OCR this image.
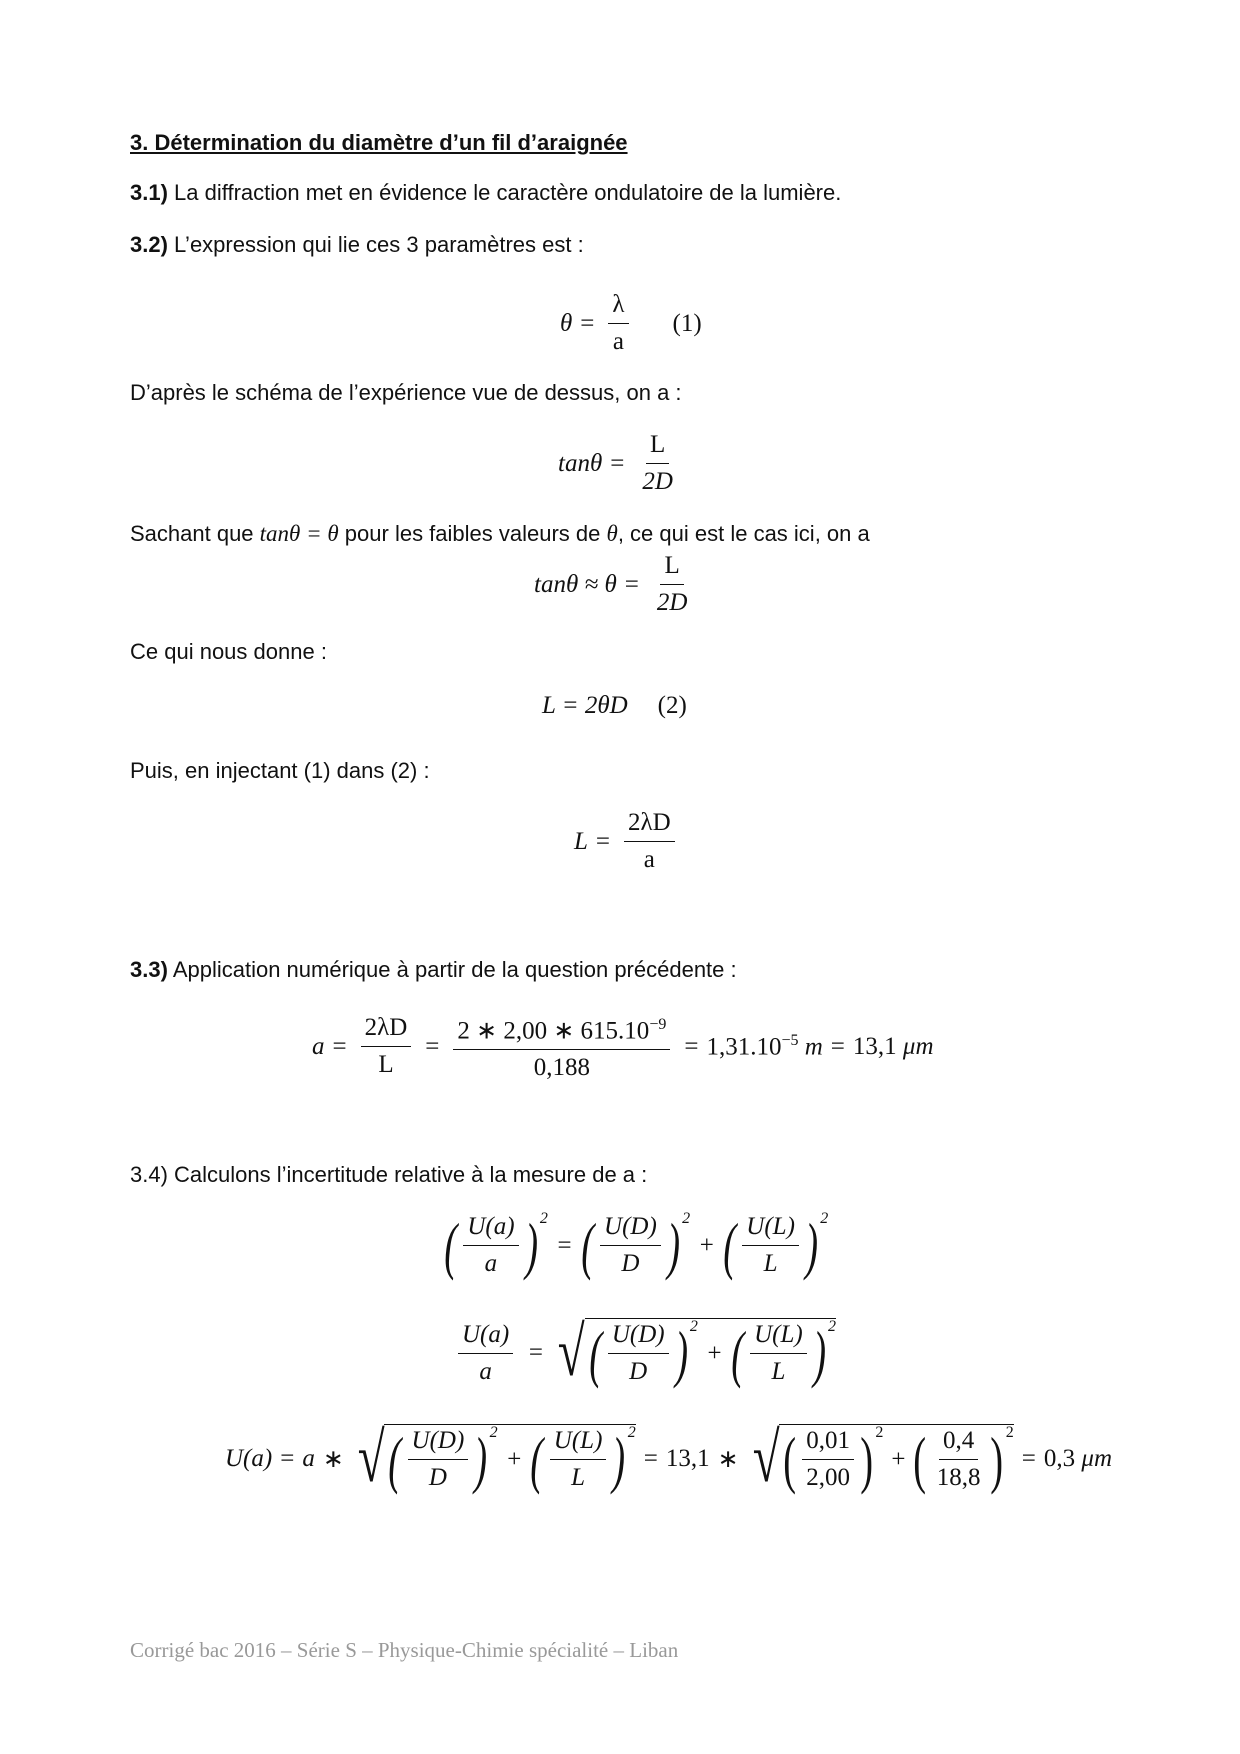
3. Détermination du diamètre d’un fil d’araignée
3.1) La diffraction met en évidence le caractère ondulatoire de la lumière.
3.2) L’expression qui lie ces 3 paramètres est :
$\theta = \frac{\lambda}{a} (1)$
D’après le schéma de l’expérience vue de dessus, on a :
$\tan\theta = \frac{L}{2D}$
Sachant que tanθ = θ pour les faibles valeurs de θ, ce qui est le cas ici, on a
$\tan\theta \approx \theta = \frac{L}{2D}$
Ce qui nous donne :
L = 2θD (2)
Puis, en injectant (1) dans (2) :
$L = \frac{2\lambda D}{a}$
3.3) Application numérique à partir de la question précédente :
$a = \frac{2\lambda D}{L} = \frac{2 ∗ 2,00 ∗ 615.10^{-9}}{0,188} = 1,31.10^{-5}$ m = 13,1 μm
3.4) Calculons l’incertitude relative à la mesure de a :
( $\frac{U(a)}{a}$ ) 2
= ( $\frac{U(D)}{D}$ ) 2
+ ( $\frac{U(L)}{L}$ ) 2
$\frac{U(a)}{a}$ = √ ( $\frac{U(D)}{D}$ ) 2
+ ( $\frac{U(L)}{L}$ ) 2
U(a) = a ∗ √ ( $\frac{U(D)}{D}$ ) 2
+ ( $\frac{U(L)}{L}$ ) 2
= 13,1 ∗ √ ( $\frac{0,01}{2,00}$ ) 2
+ ( $\frac{0,4}{18,8}$ ) 2
= 0,3
μm
Corrigé bac 2016 – Série S – Physique-Chimie spécialité – Liban
